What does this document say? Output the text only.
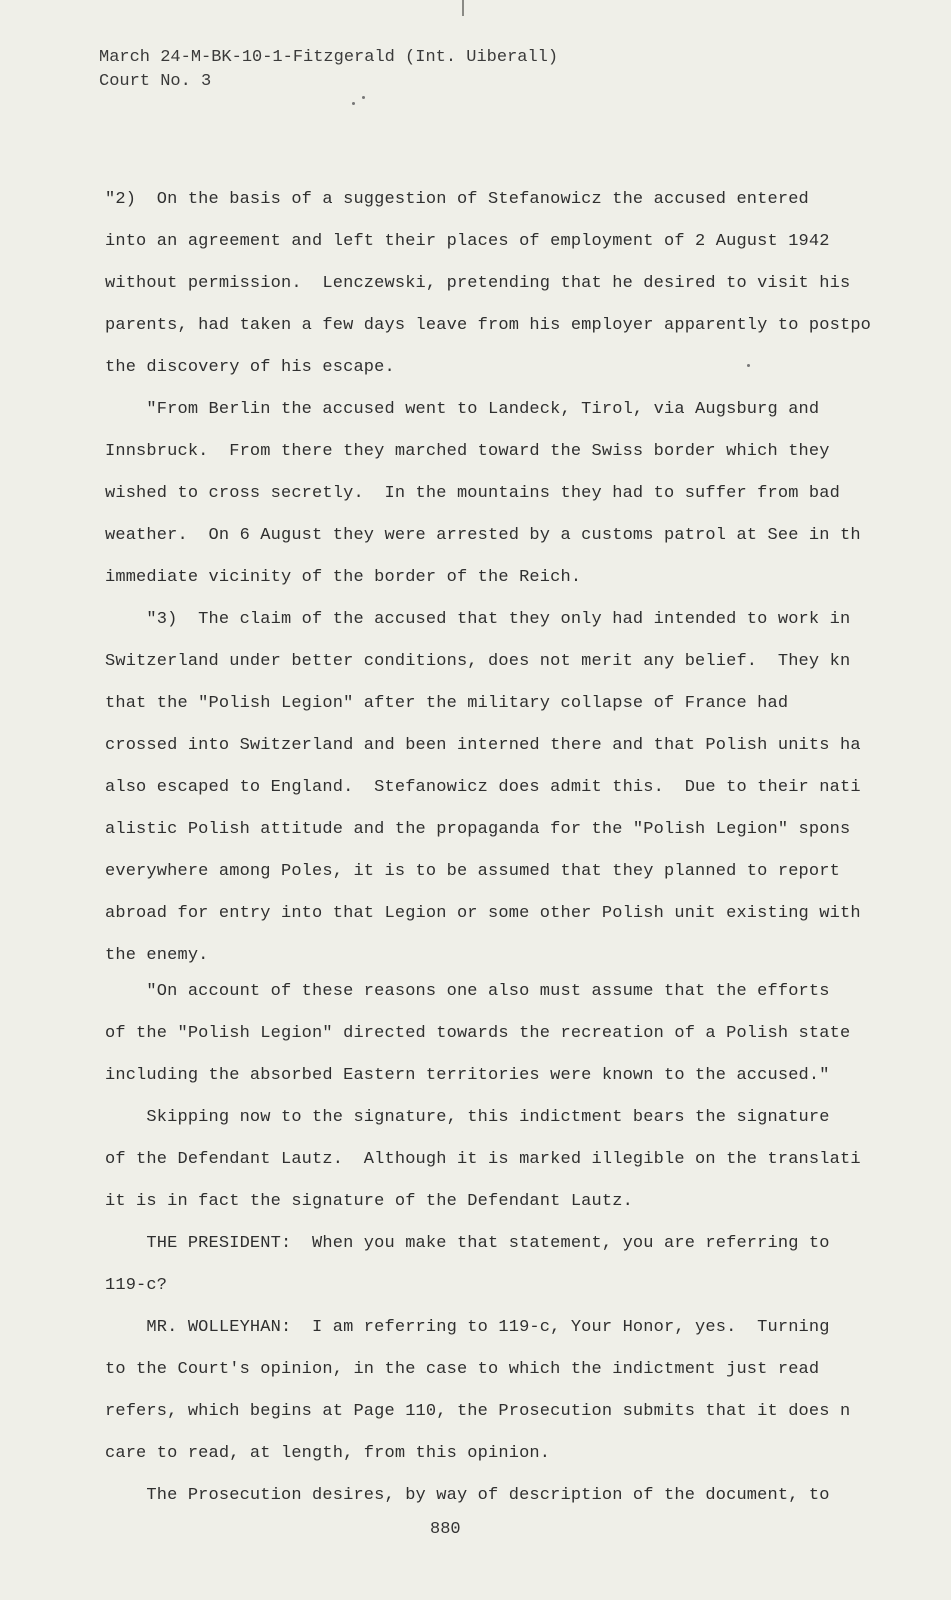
March 24-M-BK-10-1-Fitzgerald (Int. Uiberall)
Court No. 3
"2)  On the basis of a suggestion of Stefanowicz the accused entered
into an agreement and left their places of employment of 2 August 1942
without permission.  Lenczewski, pretending that he desired to visit his
parents, had taken a few days leave from his employer apparently to postpo
the discovery of his escape.
"From Berlin the accused went to Landeck, Tirol, via Augsburg and
Innsbruck.  From there they marched toward the Swiss border which they
wished to cross secretly.  In the mountains they had to suffer from bad
weather.  On 6 August they were arrested by a customs patrol at See in th
immediate vicinity of the border of the Reich.
"3)  The claim of the accused that they only had intended to work in
Switzerland under better conditions, does not merit any belief.  They kn
that the "Polish Legion" after the military collapse of France had
crossed into Switzerland and been interned there and that Polish units ha
also escaped to England.  Stefanowicz does admit this.  Due to their nati
alistic Polish attitude and the propaganda for the "Polish Legion" spons
everywhere among Poles, it is to be assumed that they planned to report
abroad for entry into that Legion or some other Polish unit existing with
the enemy.
"On account of these reasons one also must assume that the efforts
of the "Polish Legion" directed towards the recreation of a Polish state
including the absorbed Eastern territories were known to the accused."
Skipping now to the signature, this indictment bears the signature
of the Defendant Lautz.  Although it is marked illegible on the translati
it is in fact the signature of the Defendant Lautz.
THE PRESIDENT:  When you make that statement, you are referring to
119-c?
MR. WOLLEYHAN:  I am referring to 119-c, Your Honor, yes.  Turning
to the Court's opinion, in the case to which the indictment just read
refers, which begins at Page 110, the Prosecution submits that it does n
care to read, at length, from this opinion.
The Prosecution desires, by way of description of the document, to
880
